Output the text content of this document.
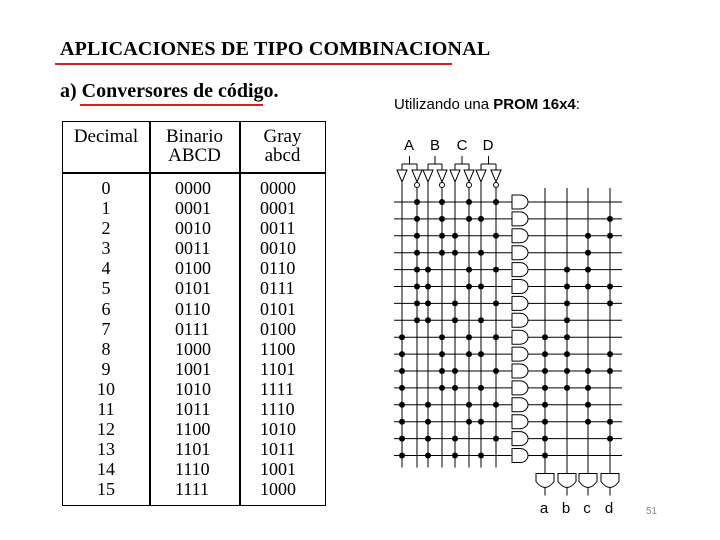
APLICACIONES DE TIPO COMBINACIONAL
a) Conversores de código.
Utilizando una PROM 16x4:
Decimal	Binario
ABCD
Gray
abcd
0
1
2
3
4
5
6
7
8
9
10
11
12
13
14
15
0000
0001
0010
0011
0100
0101
0110
0111
1000
1001
1010
1011
1100
1101
1110
1111
0000
0001
0011
0010
0110
0111
0101
0100
1100
1101
1111
1110
1010
1011
1001
1000
A B C D
a b c d	51
